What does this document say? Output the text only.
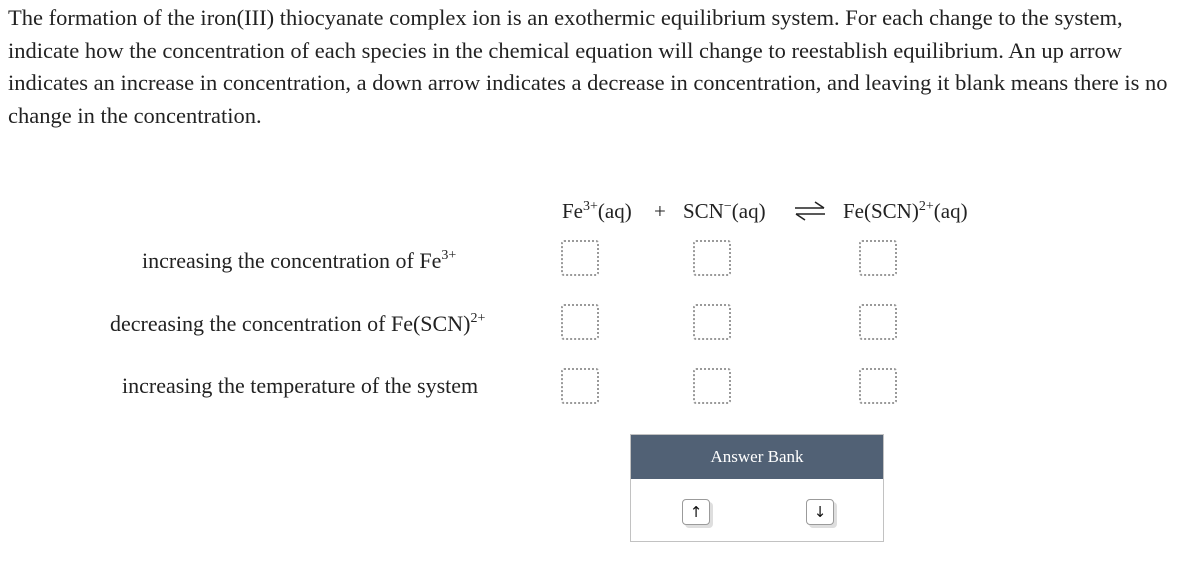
The formation of the iron(III) thiocyanate complex ion is an exothermic equilibrium system. For each change to the system, indicate how the concentration of each species in the chemical equation will change to reestablish equilibrium. An up arrow indicates an increase in concentration, a down arrow indicates a decrease in concentration, and leaving it blank means there is no change in the concentration.
$Fe^{3+}(aq) + SCN^-(aq)$ ⇌ Fe(SCN)$^{2+}$(aq)
increasing the concentration of $Fe^{3+}$
decreasing the concentration of Fe(SCN)$^{2+}$
increasing the temperature of the system
Answer Bank
↑	↓
